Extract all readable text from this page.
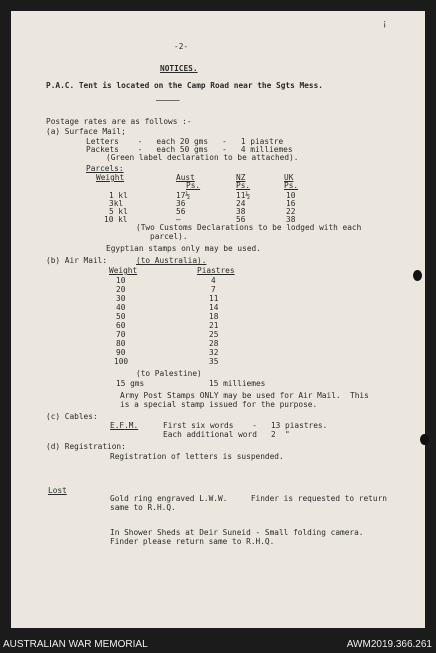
¡
-2-
NOTICES.
P.A.C. Tent is located on the Camp Road near the Sgts Mess.
─────
Postage rates are as follows :-
(a) Surface Mail;
Letters    -   each 20 gms   -   1 piastre
Packets    -   each 50 gms   -   4 milliemes
(Green label declaration to be attached).
Parcels:
Weight	Aust	NZ	UK
Ps.	Ps.	Ps.
1 kl	17½	11½	10
3kl	36	24	16
5 kl	56	38	22
10 kl	—	56	38
(Two Customs Declarations to be lodged with each
parcel).
Egyptian stamps only may be used.
(b) Air Mail:	(to Australia).
Weight	Piastres
10	4
20	7
30	11
40	14
50	18
60	21
70	25
80	28
90	32
100	35
(to Palestine)
15 gms	15 milliemes
Army Post Stamps ONLY may be used for Air Mail.  This
is a special stamp issued for the purpose.
(c) Cables:
E.F.M.	First six words    -   13 piastres.
Each additional word   2  "
(d) Registration:
Registration of letters is suspended.
Lost
Gold ring engraved L.W.W.     Finder is requested to return
same to R.H.Q.
In Shower Sheds at Deir Suneid - Small folding camera.
Finder please return same to R.H.Q.
AUSTRALIAN WAR MEMORIAL	AWM2019.366.261
